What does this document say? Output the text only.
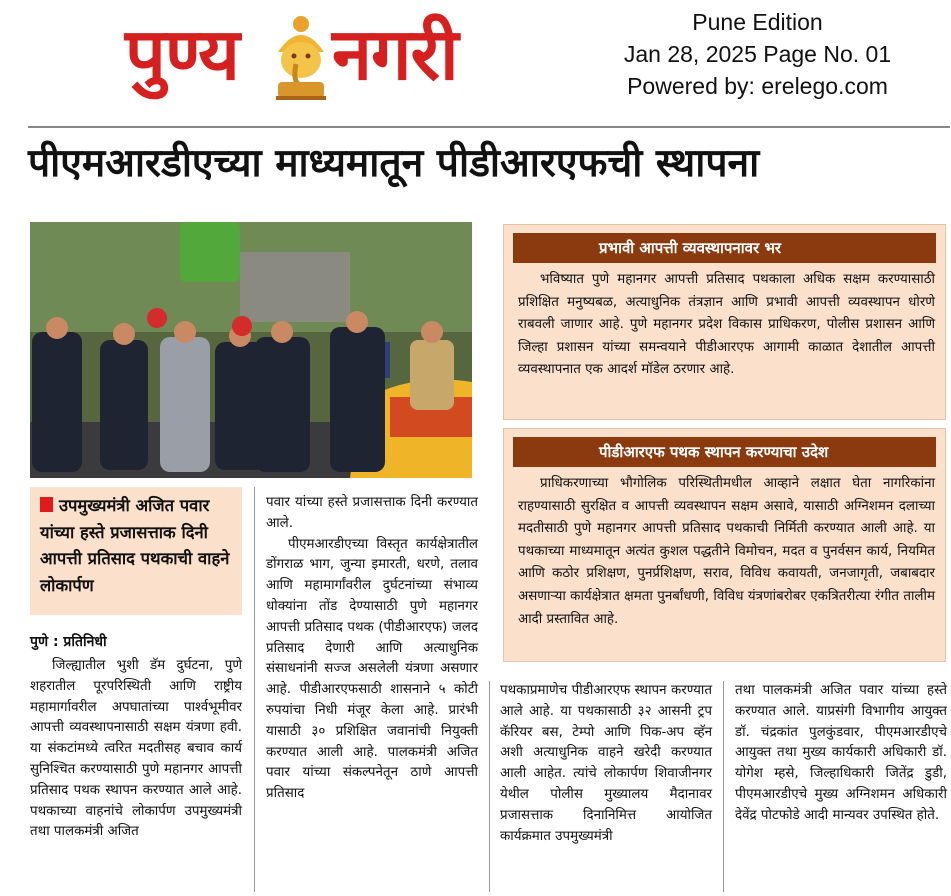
पुण्य नगरी	Pune Edition
Jan 28, 2025 Page No. 01
Powered by: erelego.com
पीएमआरडीएच्या माध्यमातून पीडीआरएफची स्थापना
प्रभावी आपत्ती व्यवस्थापनावर भर
भविष्यात पुणे महानगर आपत्ती प्रतिसाद पथकाला अधिक सक्षम करण्यासाठी प्रशिक्षित मनुष्यबळ, अत्याधुनिक तंत्रज्ञान आणि प्रभावी आपत्ती व्यवस्थापन धोरणे राबवली जाणार आहे. पुणे महानगर प्रदेश विकास प्राधिकरण, पोलीस प्रशासन आणि जिल्हा प्रशासन यांच्या समन्वयाने पीडीआरएफ आगामी काळात देशातील आपत्ती व्यवस्थापनात एक आदर्श मॉडेल ठरणार आहे.
पीडीआरएफ पथक स्थापन करण्याचा उदेश
प्राधिकरणाच्या भौगोलिक परिस्थितीमधील आव्हाने लक्षात घेता नागरिकांना राहण्यासाठी सुरक्षित व आपत्ती व्यवस्थापन सक्षम असावे, यासाठी अग्निशमन दलाच्या मदतीसाठी पुणे महानगर आपत्ती प्रतिसाद पथकाची निर्मिती करण्यात आली आहे. या पथकाच्या माध्यमातून अत्यंत कुशल पद्धतीने विमोचन, मदत व पुनर्वसन कार्य, नियमित आणि कठोर प्रशिक्षण, पुनर्प्रशिक्षण, सराव, विविध कवायती, जनजागृती, जबाबदार असणाऱ्या कार्यक्षेत्रात क्षमता पुनर्बांधणी, विविध यंत्रणांबरोबर एकत्रितरीत्या रंगीत तालीम आदी प्रस्तावित आहे.
उपमुख्यमंत्री अजित पवार यांच्या हस्ते प्रजासत्ताक दिनी आपत्ती प्रतिसाद पथकाची वाहने लोकार्पण
पुणे : प्रतिनिधी
जिल्ह्यातील भुशी डॅम दुर्घटना, पुणे शहरातील पूरपरिस्थिती आणि राष्ट्रीय महामार्गावरील अपघातांच्या पार्श्वभूमीवर आपत्ती व्यवस्थापनासाठी सक्षम यंत्रणा हवी. या संकटांमध्ये त्वरित मदतीसह बचाव कार्य सुनिश्चित करण्यासाठी पुणे महानगर आपत्ती प्रतिसाद पथक स्थापन करण्यात आले आहे. पथकाच्या वाहनांचे लोकार्पण उपमुख्यमंत्री तथा पालकमंत्री अजित
पवार यांच्या हस्ते प्रजासत्ताक दिनी करण्यात आले.
पीएमआरडीएच्या विस्तृत कार्यक्षेत्रातील डोंगराळ भाग, जुन्या इमारती, धरणे, तलाव आणि महामार्गांवरील दुर्घटनांच्या संभाव्य धोक्यांना तोंड देण्यासाठी पुणे महानगर आपत्ती प्रतिसाद पथक (पीडीआरएफ) जलद प्रतिसाद देणारी आणि अत्याधुनिक संसाधनांनी सज्ज असलेली यंत्रणा असणार आहे. पीडीआरएफसाठी शासनाने ५ कोटी रुपयांचा निधी मंजूर केला आहे. प्रारंभी यासाठी ३० प्रशिक्षित जवानांची नियुक्ती करण्यात आली आहे. पालकमंत्री अजित पवार यांच्या संकल्पनेतून ठाणे आपत्ती प्रतिसाद
पथकाप्रमाणेच पीडीआरएफ स्थापन करण्यात आले आहे. या पथकासाठी ३२ आसनी ट्रप कॅरियर बस, टेम्पो आणि पिक-अप व्हॅन अशी अत्याधुनिक वाहने खरेदी करण्यात आली आहेत. त्यांचे लोकार्पण शिवाजीनगर येथील पोलीस मुख्यालय मैदानावर प्रजासत्ताक दिनानिमित्त आयोजित कार्यक्रमात उपमुख्यमंत्री
तथा पालकमंत्री अजित पवार यांच्या हस्ते करण्यात आले. याप्रसंगी विभागीय आयुक्त डॉ. चंद्रकांत पुलकुंडवार, पीएमआरडीएचे आयुक्त तथा मुख्य कार्यकारी अधिकारी डॉ. योगेश म्हसे, जिल्हाधिकारी जितेंद्र डुडी, पीएमआरडीएचे मुख्य अग्निशमन अधिकारी देवेंद्र पोटफोडे आदी मान्यवर उपस्थित होते.
